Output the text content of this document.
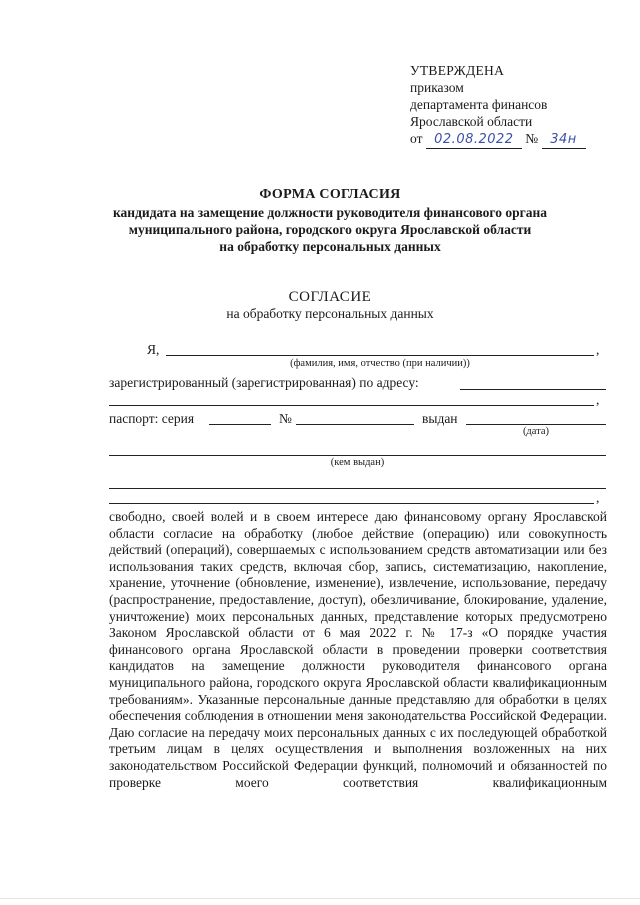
УТВЕРЖДЕНА
приказом
департамента финансов
Ярославской области
от 02.08.2022 № 34н
ФОРМА СОГЛАСИЯ
кандидата на замещение должности руководителя финансового органа
муниципального района, городского округа Ярославской области
на обработку персональных данных
СОГЛАСИЕ
на обработку персональных данных
Я,	,
(фамилия, имя, отчество (при наличии))
зарегистрированный (зарегистрированная) по адресу:
,
паспорт: серия	№	выдан
(дата)
(кем выдан)
,
свободно, своей волей и в своем интересе даю финансовому органу Ярославской области согласие на обработку (любое действие (операцию) или совокупность действий (операций), совершаемых с использованием средств автоматизации или без использования таких средств, включая сбор, запись, систематизацию, накопление, хранение, уточнение (обновление, изменение), извлечение, использование, передачу (распространение, предоставление, доступ), обезличивание, блокирование, удаление, уничтожение) моих персональных данных, представление которых предусмотрено Законом Ярославской области от 6 мая 2022 г. № 17-з «О порядке участия финансового органа Ярославской области в проведении проверки соответствия кандидатов на замещение должности руководителя финансового органа муниципального района, городского округа Ярославской области квалификационным требованиям». Указанные персональные данные представляю для обработки в целях обеспечения соблюдения в отношении меня законодательства Российской Федерации. Даю согласие на передачу моих персональных данных с их последующей обработкой третьим лицам в целях осуществления и выполнения возложенных на них законодательством Российской Федерации функций, полномочий и обязанностей по проверке моего соответствия квалификационным
